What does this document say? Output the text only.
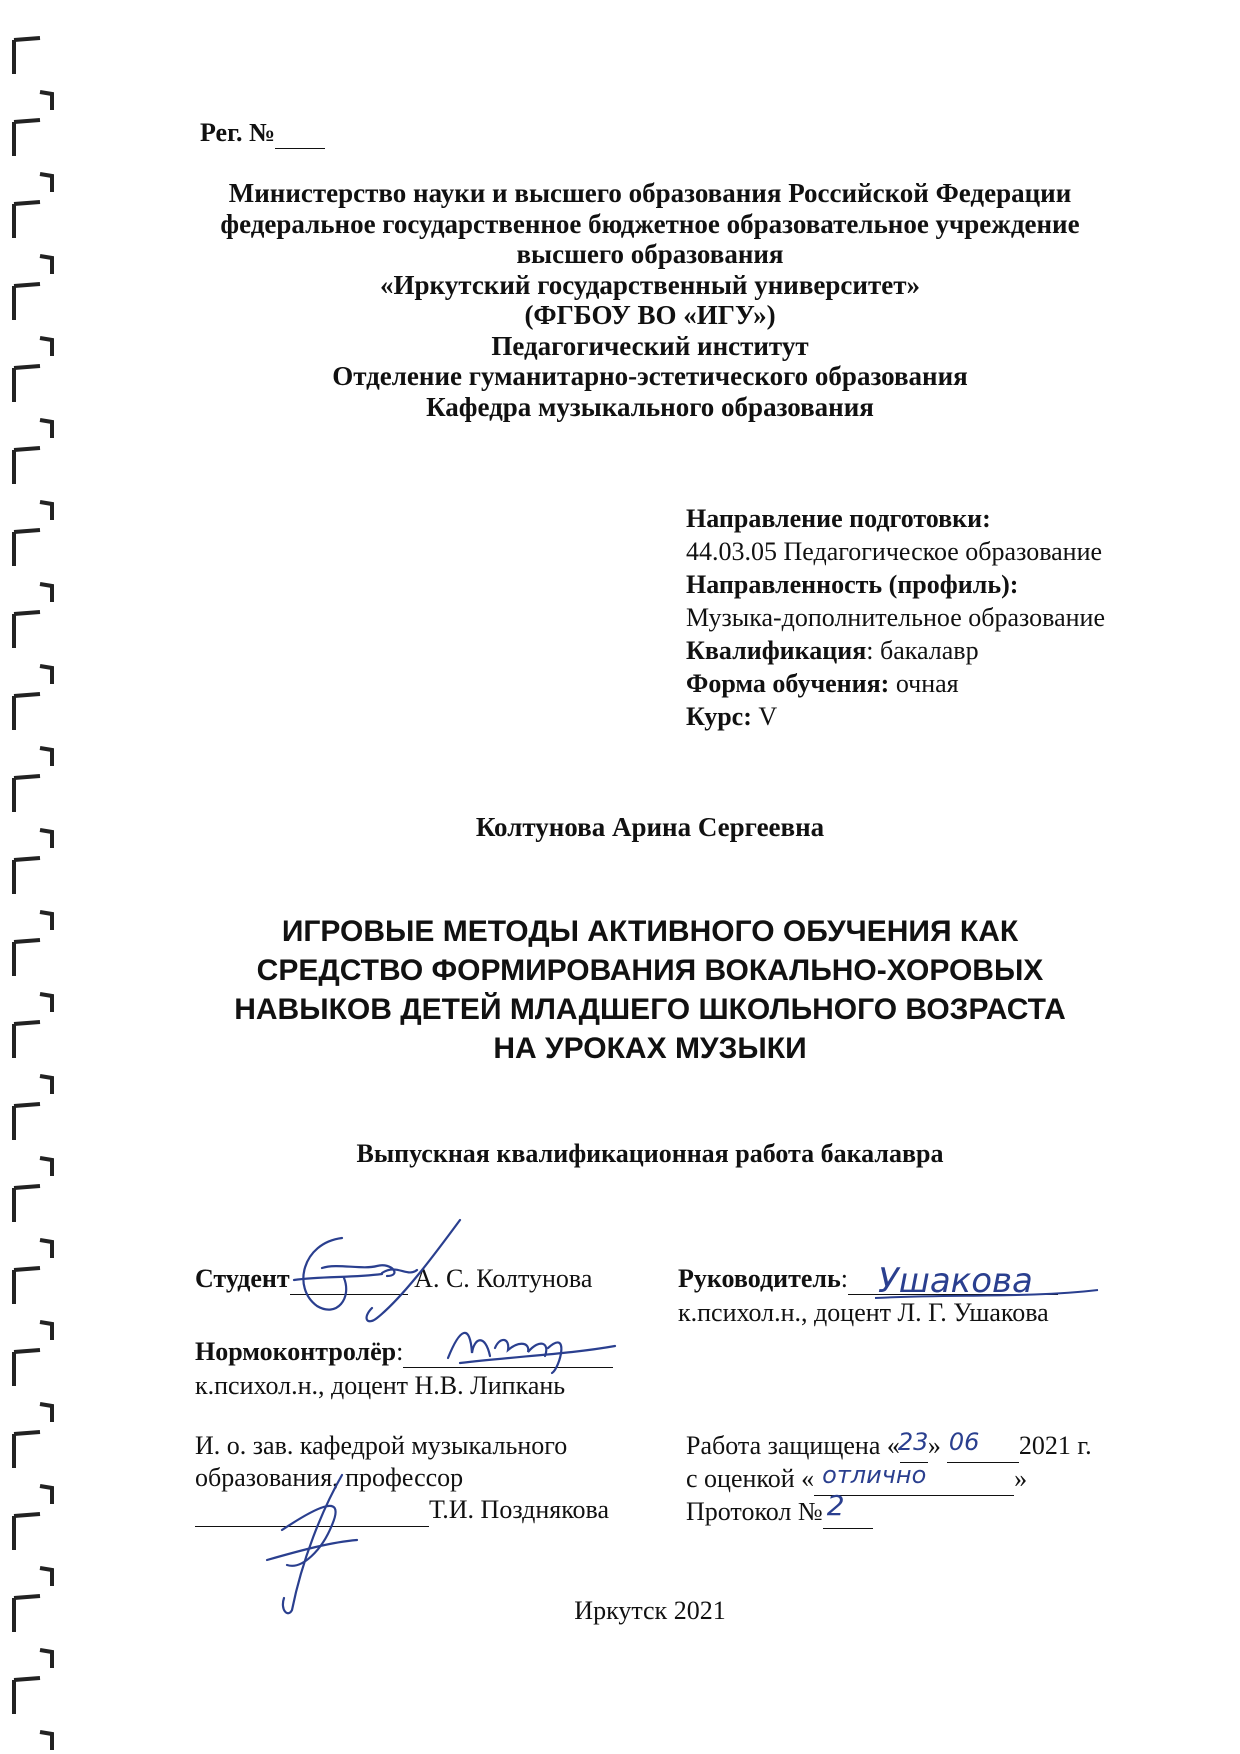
Рег. №
Министерство науки и высшего образования Российской Федерации
федеральное государственное бюджетное образовательное учреждение
высшего образования
«Иркутский государственный университет»
(ФГБОУ ВО «ИГУ»)
Педагогический институт
Отделение гуманитарно-эстетического образования
Кафедра музыкального образования
Направление подготовки:
44.03.05 Педагогическое образование
Направленность (профиль):
Музыка-дополнительное образование
Квалификация: бакалавр
Форма обучения: очная
Курс: V
Колтунова Арина Сергеевна
ИГРОВЫЕ МЕТОДЫ АКТИВНОГО ОБУЧЕНИЯ КАК
СРЕДСТВО ФОРМИРОВАНИЯ ВОКАЛЬНО-ХОРОВЫХ
НАВЫКОВ ДЕТЕЙ МЛАДШЕГО ШКОЛЬНОГО ВОЗРАСТА
НА УРОКАХ МУЗЫКИ
Выпускная квалификационная работа бакалавра
Студент	А. С. Колтунова	Руководитель:
к.психол.н., доцент Л. Г. Ушакова
Нормоконтролёр:
к.психол.н., доцент Н.В. Липкань
И. о. зав. кафедрой музыкального
образования, профессор
Т.И. Позднякова
Работа защищена «
23 » 06 2021 г.
с оценкой « отлично	»
Протокол № 2

Иркутск 2021
Ушакова
